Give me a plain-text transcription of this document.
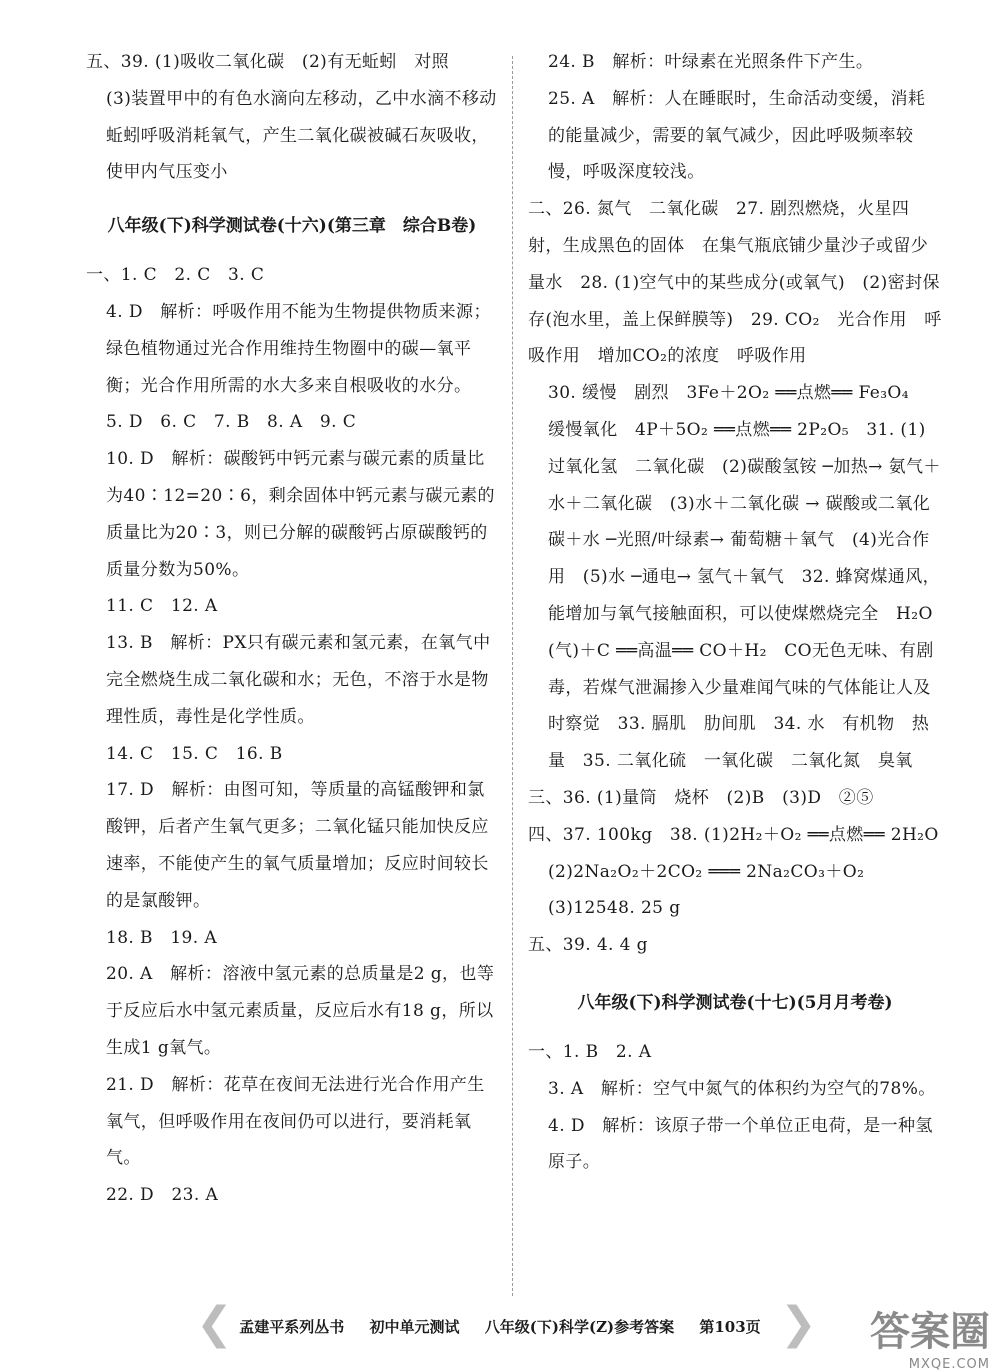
五、39. (1)吸收二氧化碳　(2)有无蚯蚓　对照

(3)装置甲中的有色水滴向左移动，乙中水滴不移动　蚯蚓呼吸消耗氧气，产生二氧化碳被碱石灰吸收，使甲内气压变小

八年级(下)科学测试卷(十六)(第三章　综合B卷)

一、1. C　2. C　3. C

4. D　解析：呼吸作用不能为生物提供物质来源；绿色植物通过光合作用维持生物圈中的碳—氧平衡；光合作用所需的水大多来自根吸收的水分。

5. D　6. C　7. B　8. A　9. C

10. D　解析：碳酸钙中钙元素与碳元素的质量比为40∶12=20∶6，剩余固体中钙元素与碳元素的质量比为20∶3，则已分解的碳酸钙占原碳酸钙的质量分数为50%。

11. C　12. A

13. B　解析：PX只有碳元素和氢元素，在氧气中完全燃烧生成二氧化碳和水；无色，不溶于水是物理性质，毒性是化学性质。

14. C　15. C　16. B

17. D　解析：由图可知，等质量的高锰酸钾和氯酸钾，后者产生氧气更多；二氧化锰只能加快反应速率，不能使产生的氧气质量增加；反应时间较长的是氯酸钾。

18. B　19. A

20. A　解析：溶液中氢元素的总质量是2 g，也等于反应后水中氢元素质量，反应后水有18 g，所以生成1 g氧气。

21. D　解析：花草在夜间无法进行光合作用产生氧气，但呼吸作用在夜间仍可以进行，要消耗氧气。

22. D　23. A

24. B　解析：叶绿素在光照条件下产生。

25. A　解析：人在睡眠时，生命活动变缓，消耗的能量减少，需要的氧气减少，因此呼吸频率较慢，呼吸深度较浅。

二、26. 氮气　二氧化碳　27. 剧烈燃烧，火星四射，生成黑色的固体　在集气瓶底铺少量沙子或留少量水　28. (1)空气中的某些成分(或氧气)　(2)密封保存(泡水里，盖上保鲜膜等)　29. CO₂　光合作用　呼吸作用　增加CO₂的浓度　呼吸作用

30. 缓慢　剧烈　3Fe＋2O₂ ══点燃══ Fe₃O₄　缓慢氧化　4P＋5O₂ ══点燃══ 2P₂O₅　31. (1)过氧化氢　二氧化碳　(2)碳酸氢铵 ─加热→ 氨气＋水＋二氧化碳　(3)水＋二氧化碳 → 碳酸或二氧化碳＋水 ─光照/叶绿素→ 葡萄糖＋氧气　(4)光合作用　(5)水 ─通电→ 氢气＋氧气　32. 蜂窝煤通风，能增加与氧气接触面积，可以使煤燃烧完全　H₂O(气)＋C ══高温══ CO＋H₂　CO无色无味、有剧毒，若煤气泄漏掺入少量难闻气味的气体能让人及时察觉　33. 膈肌　肋间肌　34. 水　有机物　热量　35. 二氧化硫　一氧化碳　二氧化氮　臭氧

三、36. (1)量筒　烧杯　(2)B　(3)D　②⑤

四、37. 100kg　38. (1)2H₂＋O₂ ══点燃══ 2H₂O

(2)2Na₂O₂＋2CO₂ ═══ 2Na₂CO₃＋O₂

(3)12548. 25 g

五、39. 4. 4 g

八年级(下)科学测试卷(十七)(5月月考卷)

一、1. B　2. A

3. A　解析：空气中氮气的体积约为空气的78%。

4. D　解析：该原子带一个单位正电荷，是一种氢原子。

❮ 孟建平系列丛书 初中单元测试 八年级(下)科学(Z)参考答案 第103页 ❯ 答案圈
MXQE.COM
